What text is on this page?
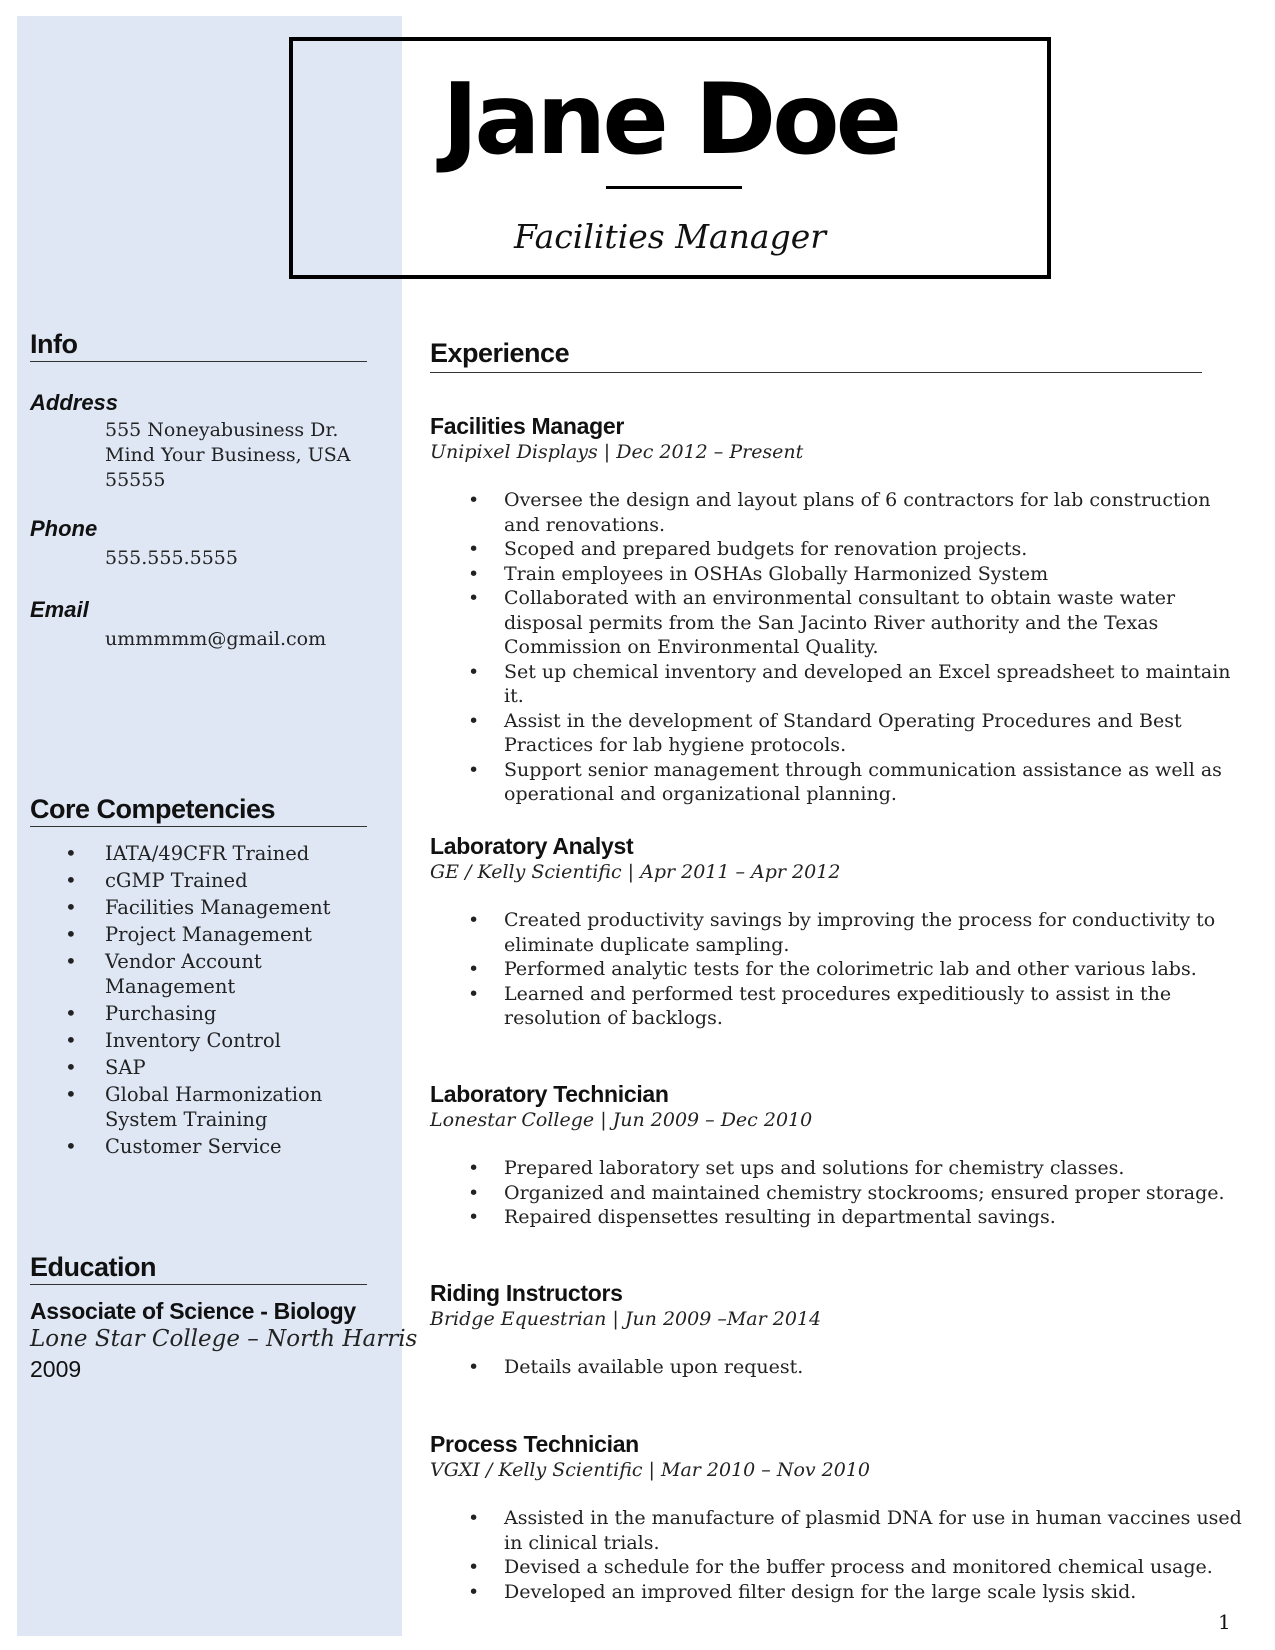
Jane Doe
Facilities Manager
Info
Address
555 Noneyabusiness Dr.
Mind Your Business, USA
55555
Phone
555.555.5555
Email
ummmmm@gmail.com
Core Competencies
• IATA/49CFR Trained
• cGMP Trained
• Facilities Management
• Project Management
• Vendor Account Management
• Purchasing
• Inventory Control
• SAP
• Global Harmonization System Training
• Customer Service
Education
Associate of Science - Biology
Lone Star College – North Harris
2009
Experience
Facilities Manager
Unipixel Displays | Dec 2012 – Present
• Oversee the design and layout plans of 6 contractors for lab construction and renovations.
• Scoped and prepared budgets for renovation projects.
• Train employees in OSHAs Globally Harmonized System
• Collaborated with an environmental consultant to obtain waste water disposal permits from the San Jacinto River authority and the Texas Commission on Environmental Quality.
• Set up chemical inventory and developed an Excel spreadsheet to maintain it.
• Assist in the development of Standard Operating Procedures and Best Practices for lab hygiene protocols.
• Support senior management through communication assistance as well as operational and organizational planning.
Laboratory Analyst
GE / Kelly Scientific | Apr 2011 – Apr 2012
• Created productivity savings by improving the process for conductivity to eliminate duplicate sampling.
• Performed analytic tests for the colorimetric lab and other various labs.
• Learned and performed test procedures expeditiously to assist in the resolution of backlogs.
Laboratory Technician
Lonestar College | Jun 2009 – Dec 2010
• Prepared laboratory set ups and solutions for chemistry classes.
• Organized and maintained chemistry stockrooms; ensured proper storage.
• Repaired dispensettes resulting in departmental savings.
Riding Instructors
Bridge Equestrian | Jun 2009 –Mar 2014
• Details available upon request.
Process Technician
VGXI / Kelly Scientific | Mar 2010 – Nov 2010
• Assisted in the manufacture of plasmid DNA for use in human vaccines used in clinical trials.
• Devised a schedule for the buffer process and monitored chemical usage.
• Developed an improved filter design for the large scale lysis skid.
1
